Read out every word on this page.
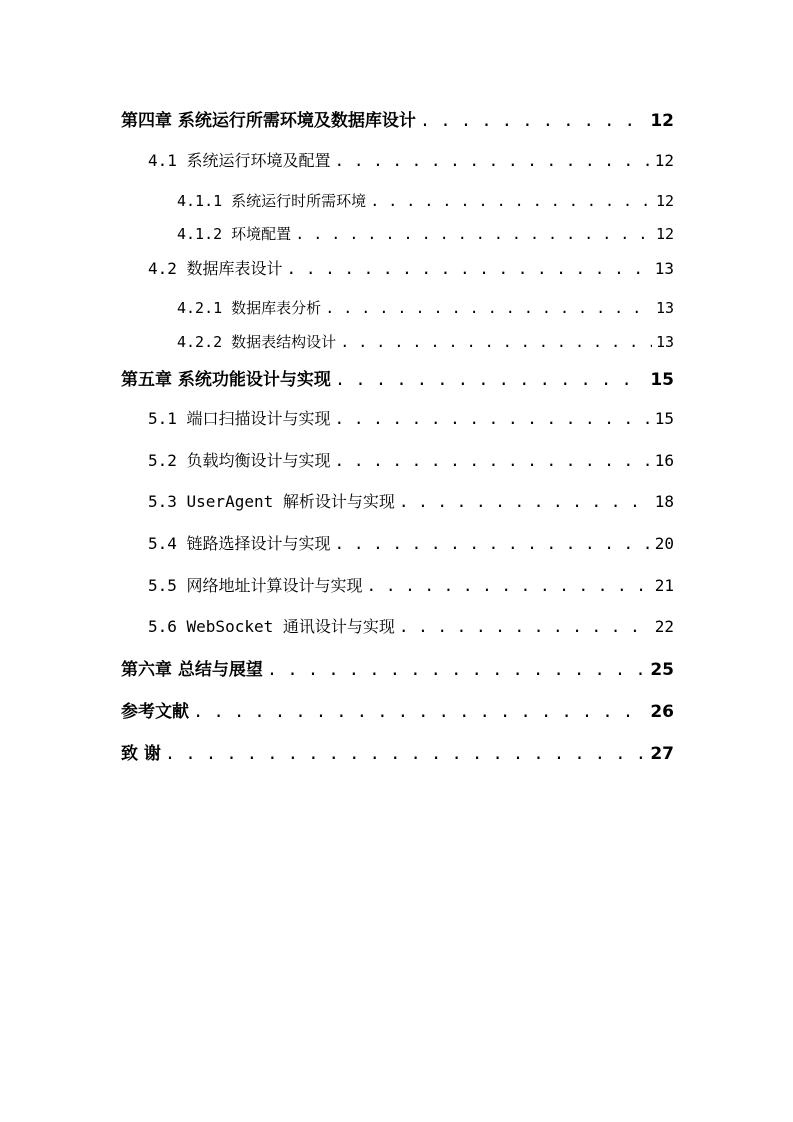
第四章 系统运行所需环境及数据库设计 . . .	12
4.1 系统运行环境及配置 . . .	12
4.1.1 系统运行时所需环境 . . .	12
4.1.2 环境配置 . . .	12
4.2 数据库表设计 . . .	13
4.2.1 数据库表分析 . . .	13
4.2.2 数据表结构设计 . . .	13
第五章 系统功能设计与实现 . . .	15
5.1 端口扫描设计与实现 . . .	15
5.2 负载均衡设计与实现 . . .	16
5.3 UserAgent 解析设计与实现 . . .	18
5.4 链路选择设计与实现 . . .	20
5.5 网络地址计算设计与实现 . . .	21
5.6 WebSocket 通讯设计与实现 . . .	22
第六章 总结与展望 . . .	25
参考文献 . . .	26
致 谢 . . .	27
